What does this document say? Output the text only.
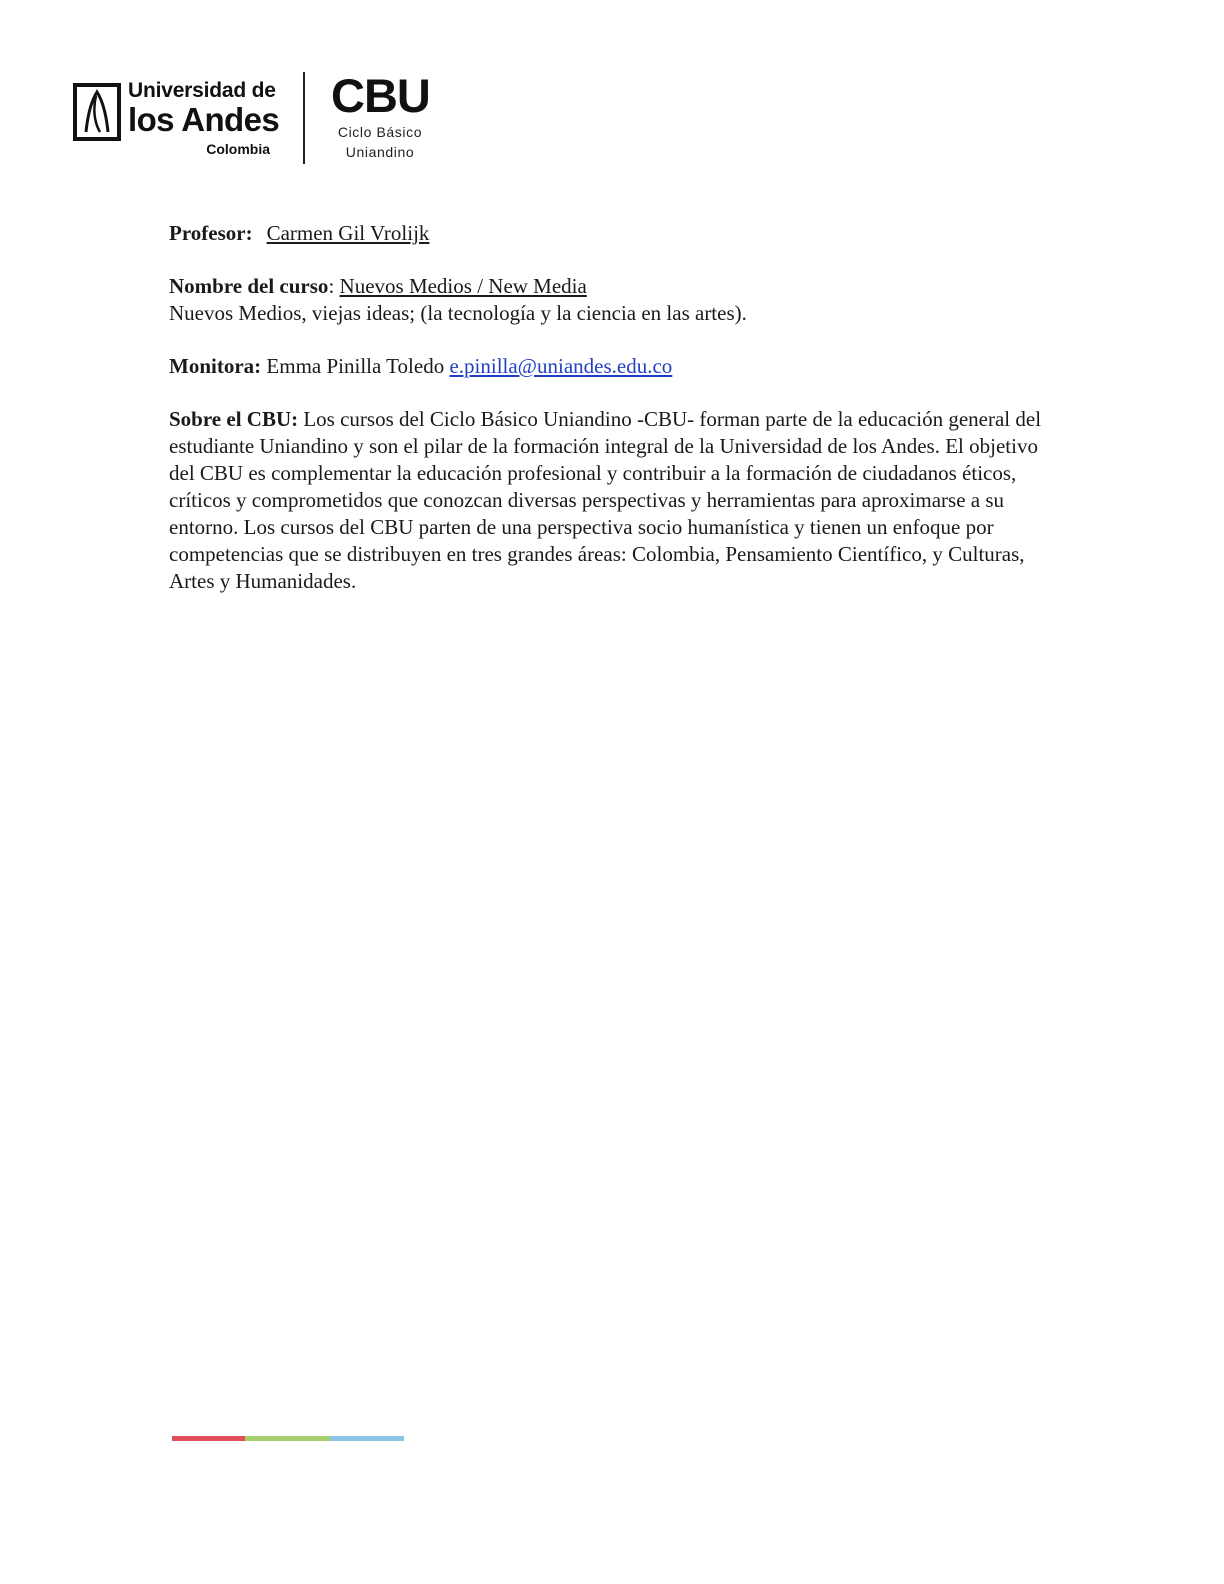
Universidad de
los Andes
Colombia
CBU
Ciclo Básico
Uniandino

Profesor: Carmen Gil Vrolijk

Nombre del curso: Nuevos Medios / New Media

Nuevos Medios, viejas ideas; (la tecnología y la ciencia en las artes).

Monitora: Emma Pinilla Toledo e.pinilla@uniandes.edu.co

Sobre el CBU: Los cursos del Ciclo Básico Uniandino -CBU- forman parte de la educación general del estudiante Uniandino y son el pilar de la formación integral de la Universidad de los Andes. El objetivo del CBU es complementar la educación profesional y contribuir a la formación de ciudadanos éticos, críticos y comprometidos que conozcan diversas perspectivas y herramientas para aproximarse a su entorno. Los cursos del CBU parten de una perspectiva socio humanística y tienen un enfoque por competencias que se distribuyen en tres grandes áreas: Colombia, Pensamiento Científico, y Culturas, Artes y Humanidades.
